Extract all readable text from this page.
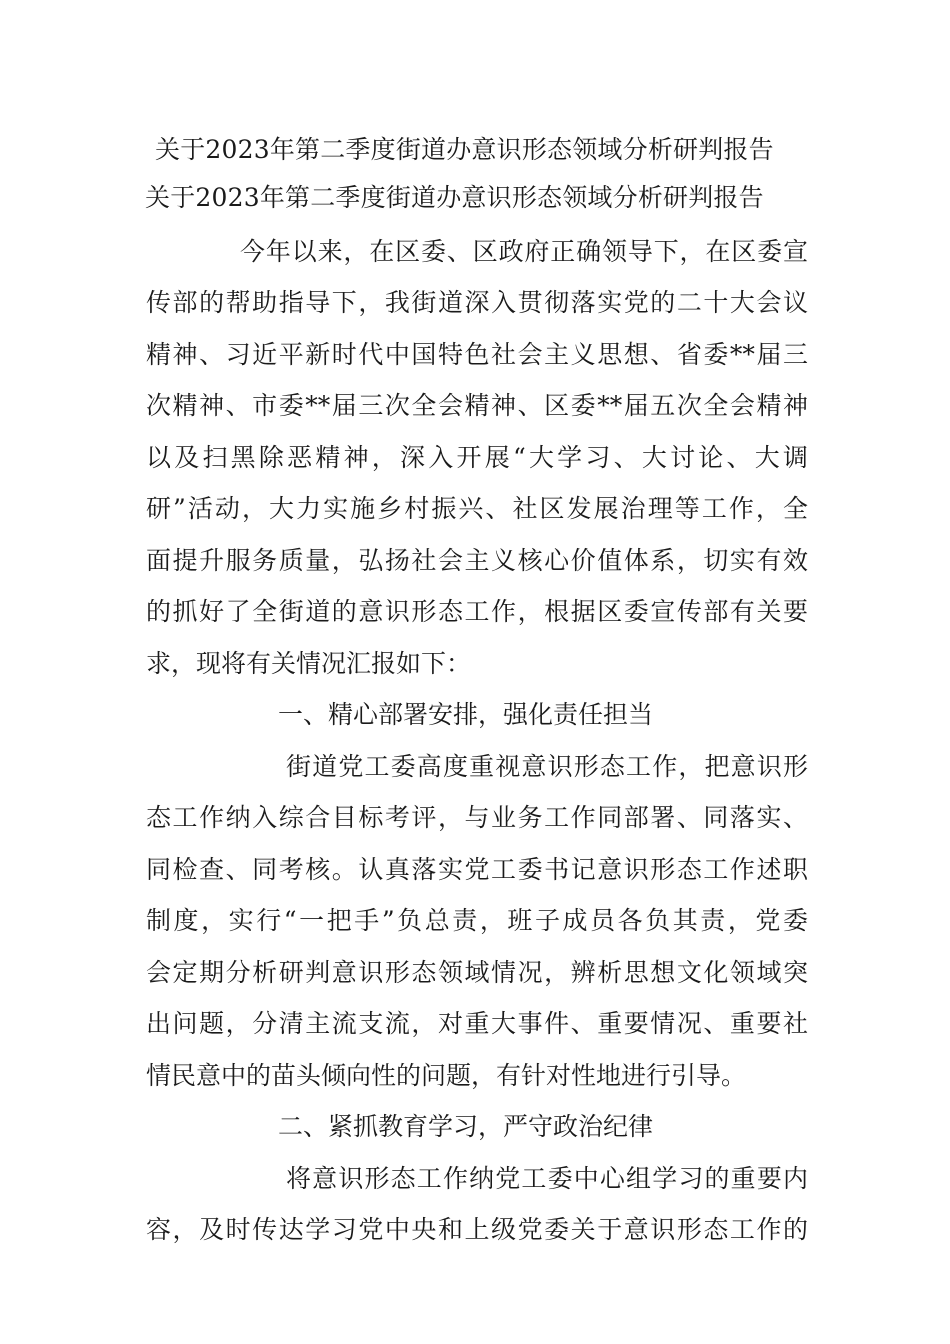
关于2023年第二季度街道办意识形态领域分析研判报告
关于2023年第二季度街道办意识形态领域分析研判报告
今年以来，在区委、区政府正确领导下，在区委宣
传部的帮助指导下，我街道深入贯彻落实党的二十大会议
精神、习近平新时代中国特色社会主义思想、省委**届三
次精神、市委**届三次全会精神、区委**届五次全会精神
以及扫黑除恶精神，深入开展“大学习、大讨论、大调
研”活动，大力实施乡村振兴、社区发展治理等工作，全
面提升服务质量，弘扬社会主义核心价值体系，切实有效
的抓好了全街道的意识形态工作，根据区委宣传部有关要
求，现将有关情况汇报如下：
一、精心部署安排，强化责任担当
街道党工委高度重视意识形态工作，把意识形
态工作纳入综合目标考评，与业务工作同部署、同落实、
同检查、同考核。认真落实党工委书记意识形态工作述职
制度，实行“一把手”负总责，班子成员各负其责，党委
会定期分析研判意识形态领域情况，辨析思想文化领域突
出问题，分清主流支流，对重大事件、重要情况、重要社
情民意中的苗头倾向性的问题，有针对性地进行引导。
二、紧抓教育学习，严守政治纪律
将意识形态工作纳党工委中心组学习的重要内
容，及时传达学习党中央和上级党委关于意识形态工作的
